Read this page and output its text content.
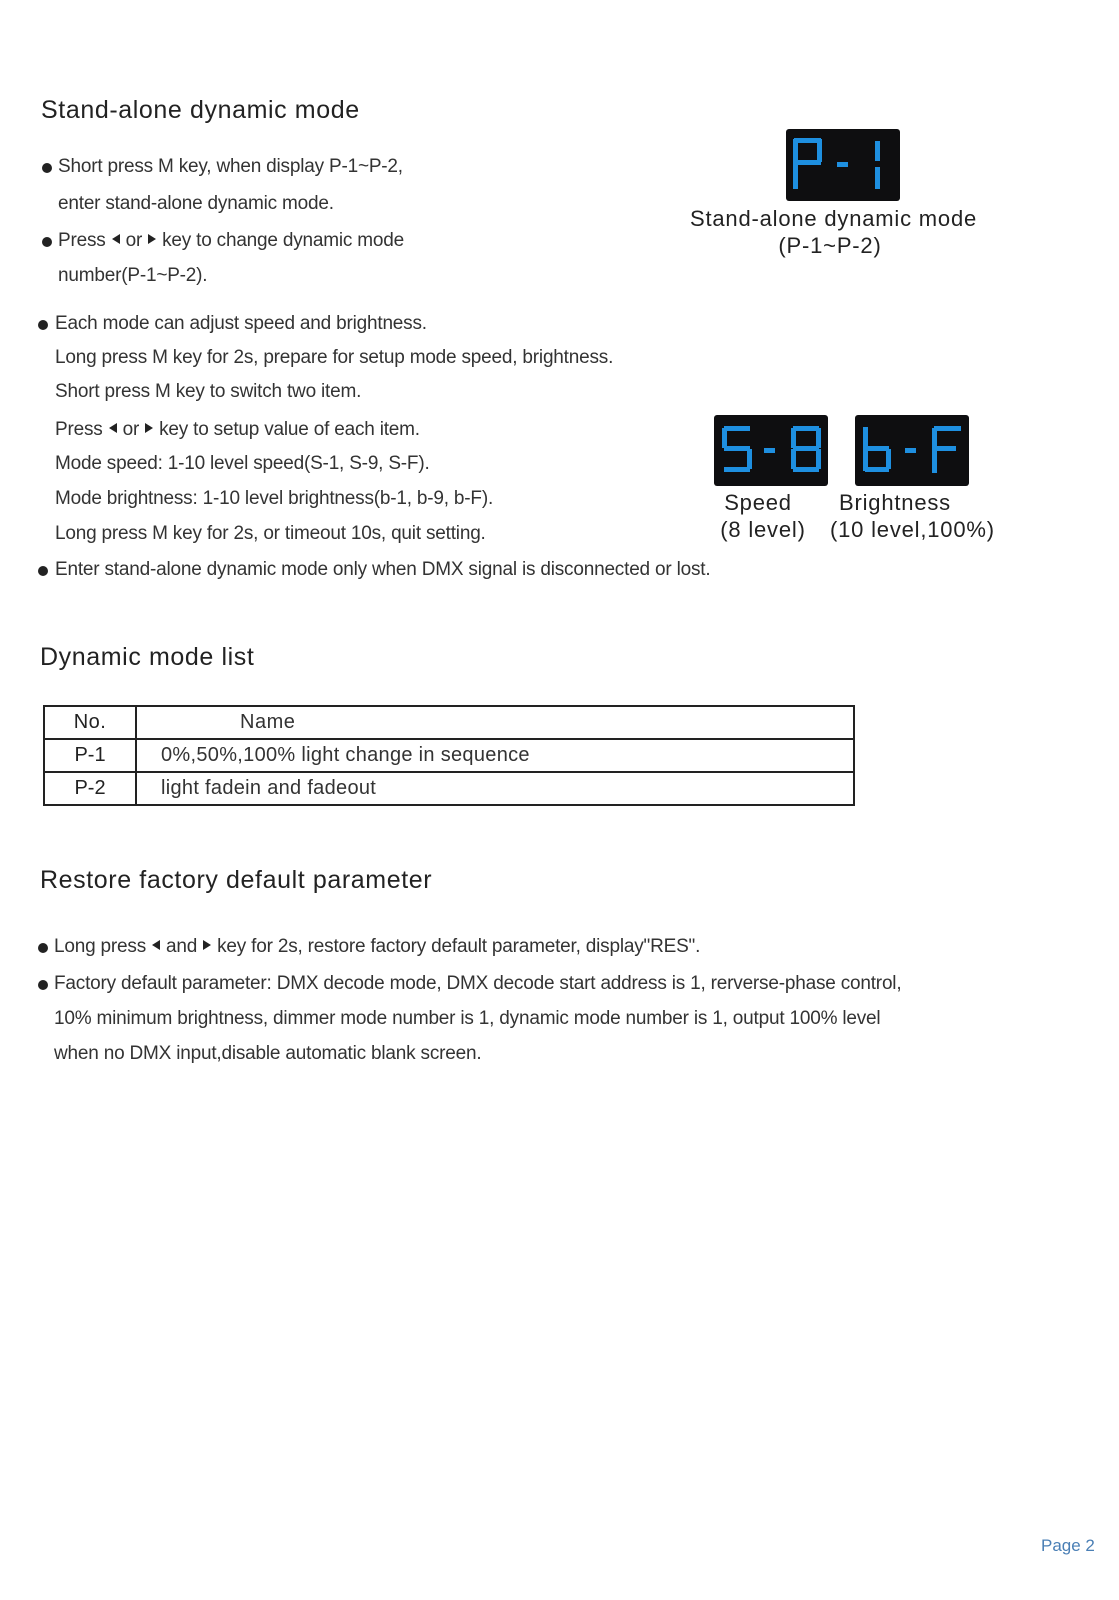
Stand-alone dynamic mode
Short press M key, when display P-1~P-2,
enter stand-alone dynamic mode.
Press or key to change dynamic mode
number(P-1~P-2).
Each mode can adjust speed and brightness.
Long press M key for 2s, prepare for setup mode speed, brightness.
Short press M key to switch two item.
Press or key to setup value of each item.
Mode speed: 1-10 level speed(S-1, S-9, S-F).
Mode brightness: 1-10 level brightness(b-1, b-9, b-F).
Long press M key for 2s, or timeout 10s, quit setting.
Enter stand-alone dynamic mode only when DMX signal is disconnected or lost.
Stand-alone dynamic mode
(P-1~P-2)
Speed
(8 level)
Brightness
(10 level,100%)
Dynamic mode list
No.	Name
P-1	0%,50%,100% light change in sequence
P-2	light fadein and fadeout
Restore factory default parameter
Long press and key for 2s, restore factory default parameter, display"RES".
Factory default parameter: DMX decode mode, DMX decode start address is 1, rerverse-phase control,
10% minimum brightness, dimmer mode number is 1, dynamic mode number is 1, output 100% level
when no DMX input,disable automatic blank screen.
Page 2
